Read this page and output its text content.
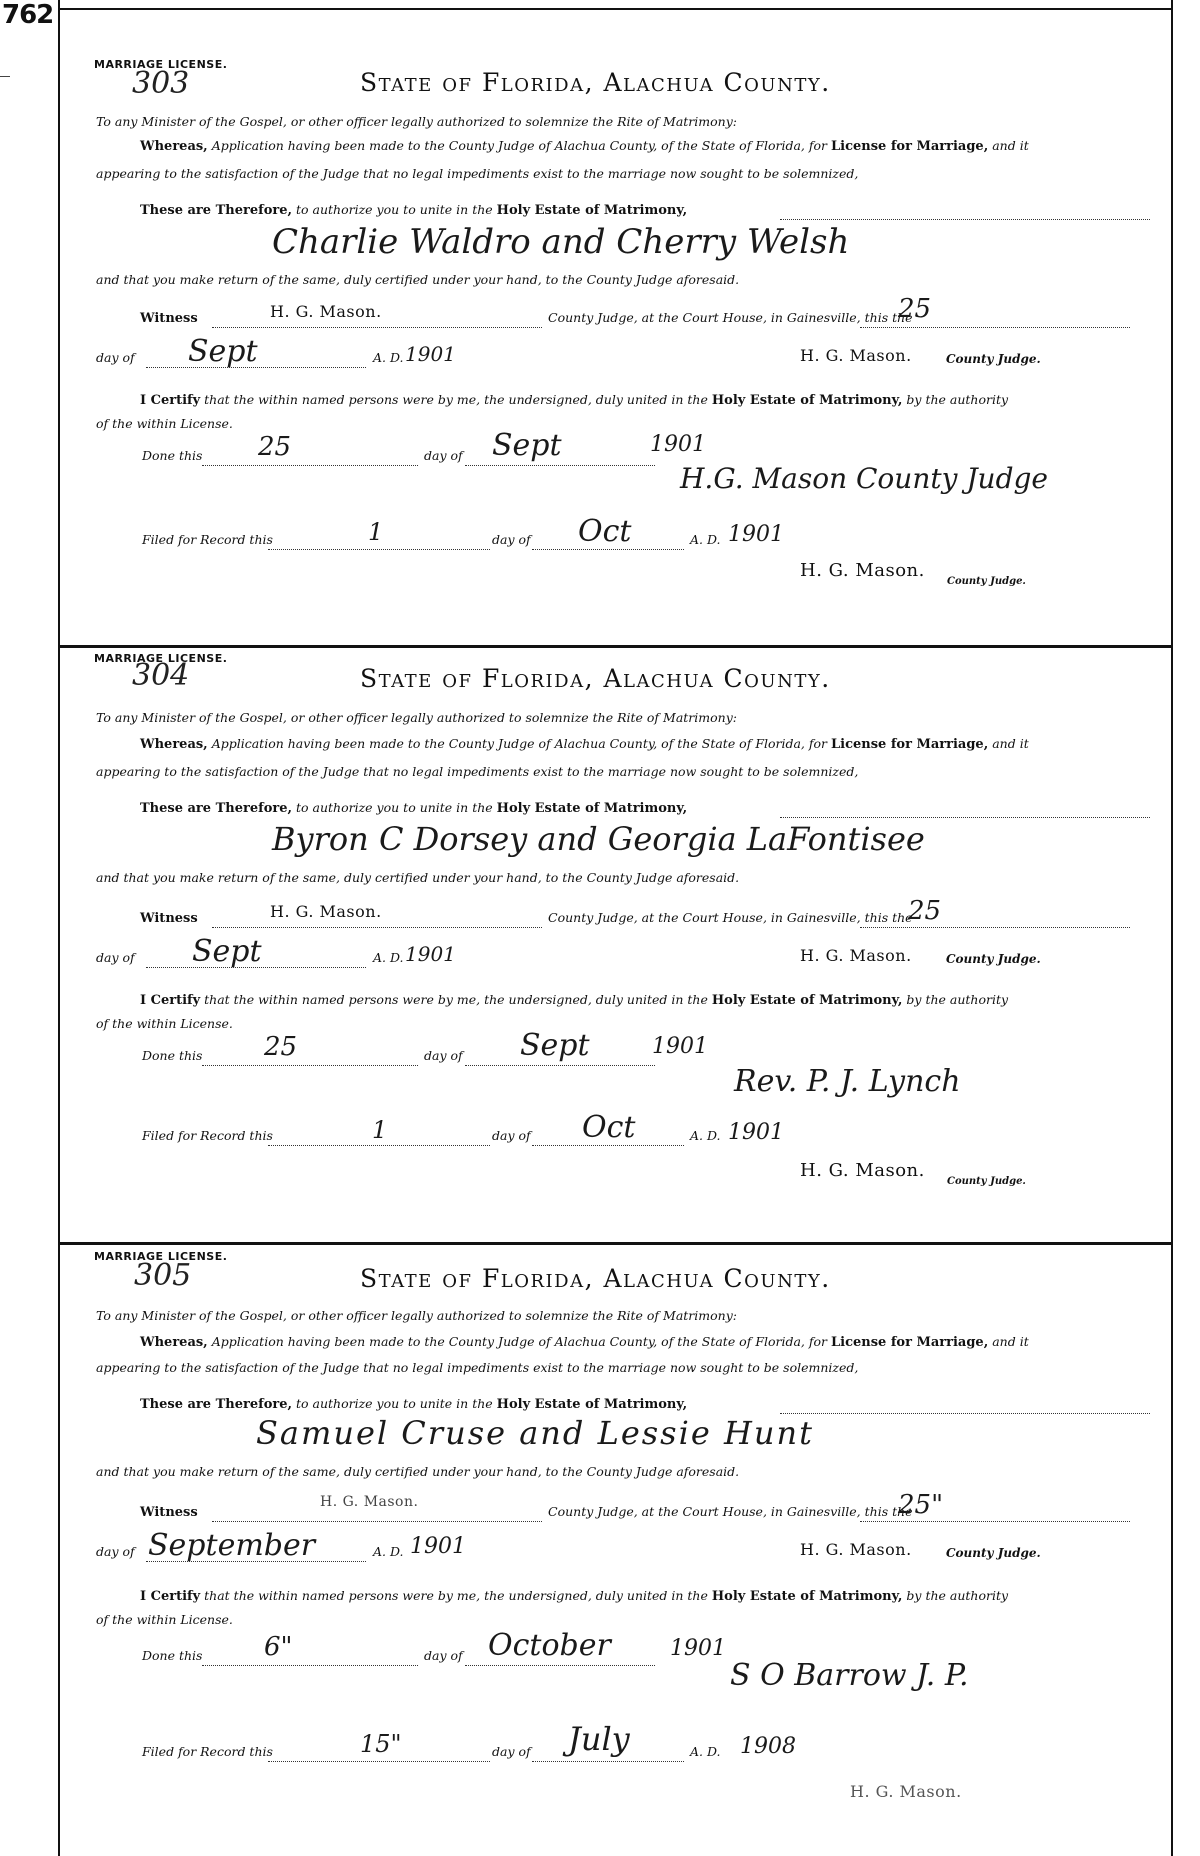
762
MARRIAGE LICENSE.
303	State of Florida, Alachua County.
To any Minister of the Gospel, or other officer legally authorized to solemnize the Rite of Matrimony:
Whereas, Application having been made to the County Judge of Alachua County, of the State of Florida, for License for Marriage, and it
appearing to the satisfaction of the Judge that no legal impediments exist to the marriage now sought to be solemnized,
These are Therefore, to authorize you to unite in the Holy Estate of Matrimony,
Charlie Waldro and Cherry Welsh
and that you make return of the same, duly certified under your hand, to the County Judge aforesaid.
Witness	H. G. Mason.	County Judge, at the Court House, in Gainesville, this the
25
day of Sept	A. D. 1901	H. G. Mason.	County Judge.
I Certify that the within named persons were by me, the undersigned, duly united in the Holy Estate of Matrimony, by the authority
of the within License.
Done this 25	day of Sept	1901
H.G. Mason County Judge
Filed for Record this	1	day of Oct	A. D. 1901
H. G. Mason.
County Judge.
MARRIAGE LICENSE.
304	State of Florida, Alachua County.
To any Minister of the Gospel, or other officer legally authorized to solemnize the Rite of Matrimony:
Whereas, Application having been made to the County Judge of Alachua County, of the State of Florida, for License for Marriage, and it
appearing to the satisfaction of the Judge that no legal impediments exist to the marriage now sought to be solemnized,
These are Therefore, to authorize you to unite in the Holy Estate of Matrimony,
Byron C Dorsey and Georgia LaFontisee
and that you make return of the same, duly certified under your hand, to the County Judge aforesaid.
Witness	H. G. Mason.	County Judge, at the Court House, in Gainesville, this the
25
day of Sept	A. D. 1901	H. G. Mason.	County Judge.
I Certify that the within named persons were by me, the undersigned, duly united in the Holy Estate of Matrimony, by the authority
of the within License.
Done this 25	day of Sept	1901
Rev. P. J. Lynch
Filed for Record this	1	day of Oct	A. D. 1901
H. G. Mason.
County Judge.
MARRIAGE LICENSE.
305	State of Florida, Alachua County.
To any Minister of the Gospel, or other officer legally authorized to solemnize the Rite of Matrimony:
Whereas, Application having been made to the County Judge of Alachua County, of the State of Florida, for License for Marriage, and it
appearing to the satisfaction of the Judge that no legal impediments exist to the marriage now sought to be solemnized,
These are Therefore, to authorize you to unite in the Holy Estate of Matrimony,
Samuel Cruse and Lessie Hunt
and that you make return of the same, duly certified under your hand, to the County Judge aforesaid.
Witness
H. G. Mason.
County Judge, at the Court House, in Gainesville, this the
25"
day of September	A. D. 1901	H. G. Mason.	County Judge.
I Certify that the within named persons were by me, the undersigned, duly united in the Holy Estate of Matrimony, by the authority
of the within License.
Done this 6"	day of October	1901
S O Barrow J. P.
Filed for Record this	15"	day of July	A. D. 1908
H. G. Mason.
